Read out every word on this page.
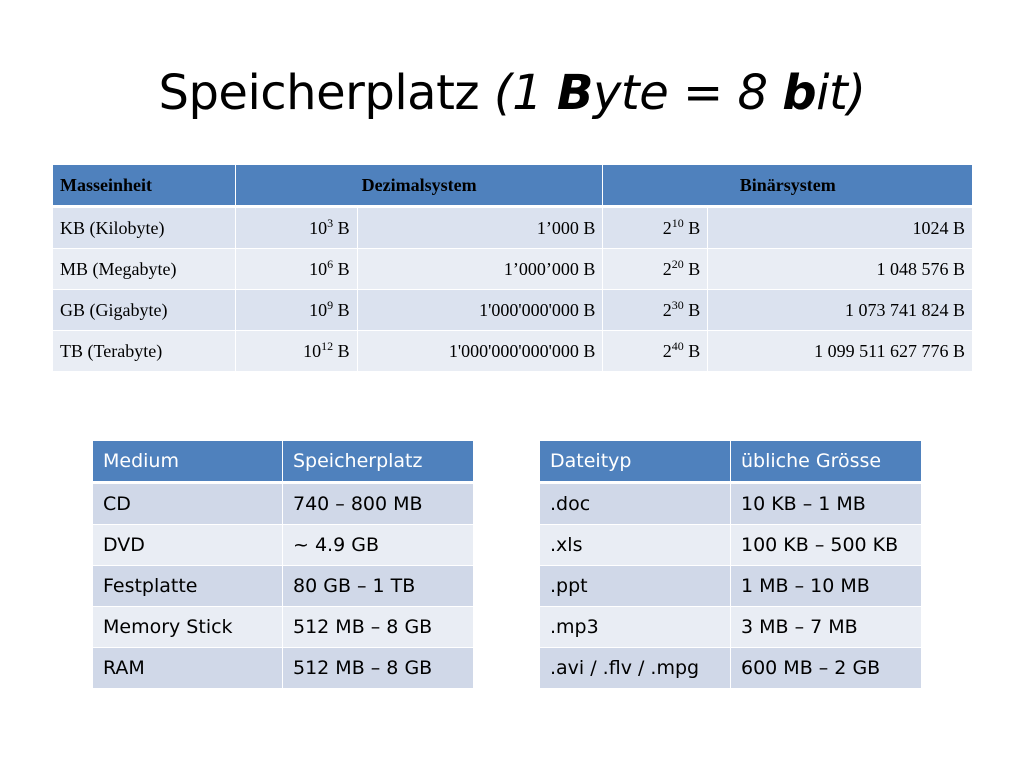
Speicherplatz (1 Byte = 8 bit)
Masseinheit	Dezimalsystem		Binärsystem	
KB (Kilobyte)	$10^3$ B	1’000 B	$2^{10}$ B	1024 B
MB (Megabyte)	$10^6$ B	1’000’000 B	$2^{20}$ B	1 048 576 B
GB (Gigabyte)	$10^9$ B	1'000'000'000 B	$2^{30}$ B	1 073 741 824 B
TB (Terabyte)	$10^{12}$ B	1'000'000'000'000 B	$2^{40}$ B	1 099 511 627 776 B
Medium	Speicherplatz
CD	740 – 800 MB
DVD	~ 4.9 GB
Festplatte	80 GB – 1 TB
Memory Stick	512 MB – 8 GB
RAM	512 MB – 8 GB
Dateityp	übliche Grösse
.doc	10 KB – 1 MB
.xls	100 KB – 500 KB
.ppt	1 MB – 10 MB
.mp3	3 MB – 7 MB
.avi / .flv / .mpg	600 MB – 2 GB
